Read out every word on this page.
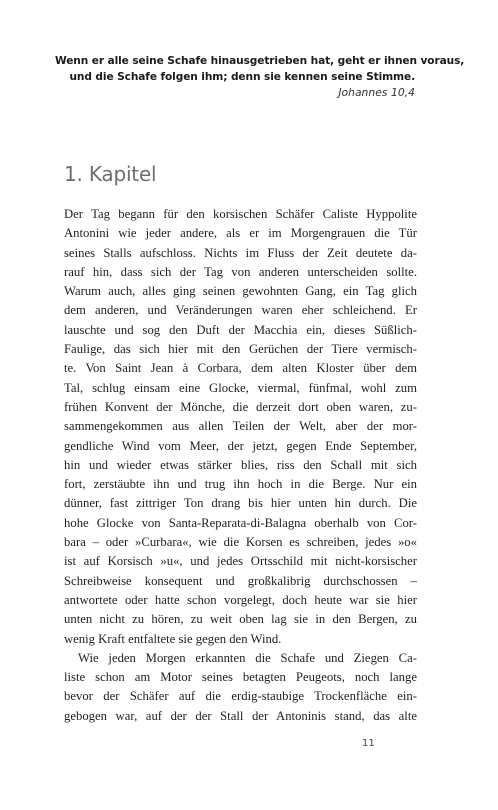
Wenn er alle seine Schafe hinausgetrieben hat, geht er ihnen voraus,
und die Schafe folgen ihm; denn sie kennen seine Stimme.
Johannes 10,4
1. Kapitel
Der Tag begann für den korsischen Schäfer Caliste Hyppolite
Antonini wie jeder andere, als er im Morgengrauen die Tür
seines Stalls aufschloss. Nichts im Fluss der Zeit deutete da-
rauf hin, dass sich der Tag von anderen unterscheiden sollte.
Warum auch, alles ging seinen gewohnten Gang, ein Tag glich
dem anderen, und Veränderungen waren eher schleichend. Er
lauschte und sog den Duft der Macchia ein, dieses Süßlich-
Faulige, das sich hier mit den Gerüchen der Tiere vermisch-
te. Von Saint Jean à Corbara, dem alten Kloster über dem
Tal, schlug einsam eine Glocke, viermal, fünfmal, wohl zum
frühen Konvent der Mönche, die derzeit dort oben waren, zu-
sammengekommen aus allen Teilen der Welt, aber der mor-
gendliche Wind vom Meer, der jetzt, gegen Ende September,
hin und wieder etwas stärker blies, riss den Schall mit sich
fort, zerstäubte ihn und trug ihn hoch in die Berge. Nur ein
dünner, fast zittriger Ton drang bis hier unten hin durch. Die
hohe Glocke von Santa-Reparata-di-Balagna oberhalb von Cor-
bara – oder »Curbara«, wie die Korsen es schreiben, jedes »o«
ist auf Korsisch »u«, und jedes Ortsschild mit nicht-korsischer
Schreibweise konsequent und großkalibrig durchschossen –
antwortete oder hatte schon vorgelegt, doch heute war sie hier
unten nicht zu hören, zu weit oben lag sie in den Bergen, zu
wenig Kraft entfaltete sie gegen den Wind.
Wie jeden Morgen erkannten die Schafe und Ziegen Ca-
liste schon am Motor seines betagten Peugeots, noch lange
bevor der Schäfer auf die erdig-staubige Trockenfläche ein-
gebogen war, auf der der Stall der Antoninis stand, das alte
11
